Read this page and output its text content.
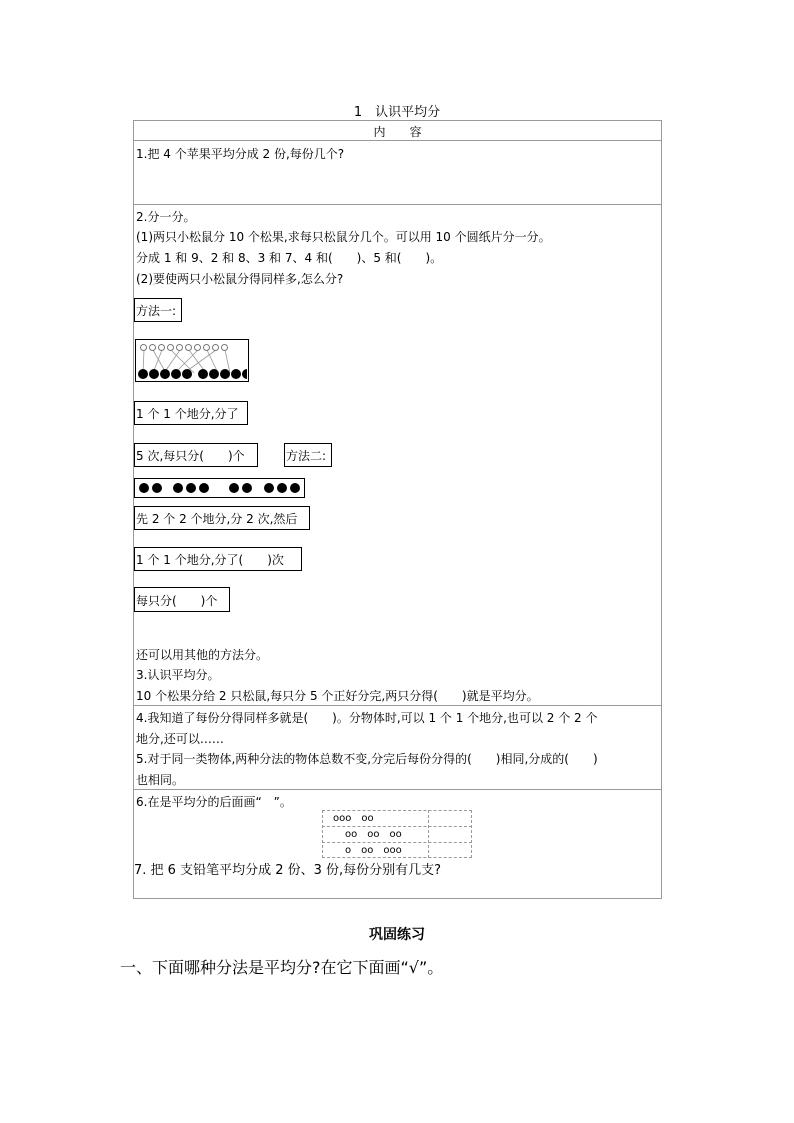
1　认识平均分
内　　容
1.把 4 个苹果平均分成 2 份,每份几个?
2.分一分。
(1)两只小松鼠分 10 个松果,求每只松鼠分几个。可以用 10 个圆纸片分一分。
分成 1 和 9、2 和 8、3 和 7、4 和(　　)、5 和(　　)。
(2)要使两只小松鼠分得同样多,怎么分?
方法一:
1 个 1 个地分,分了
5 次,每只分(　　)个	方法二:
先 2 个 2 个地分,分 2 次,然后
1 个 1 个地分,分了(　　)次
每只分(　　)个
还可以用其他的方法分。
3.认识平均分。
10 个松果分给 2 只松鼠,每只分 5 个正好分完,两只分得(　　)就是平均分。
4.我知道了每份分得同样多就是(　　)。分物体时,可以 1 个 1 个地分,也可以 2 个 2 个
地分,还可以……
5.对于同一类物体,两种分法的物体总数不变,分完后每份分得的(　　)相同,分成的(　　)
也相同。
6.在是平均分的后面画“　”。
ooo　oo
oo　oo　oo
o　oo　ooo
7. 把 6 支铅笔平均分成 2 份、3 份,每份分别有几支?
巩固练习
一、下面哪种分法是平均分?在它下面画“√”。
